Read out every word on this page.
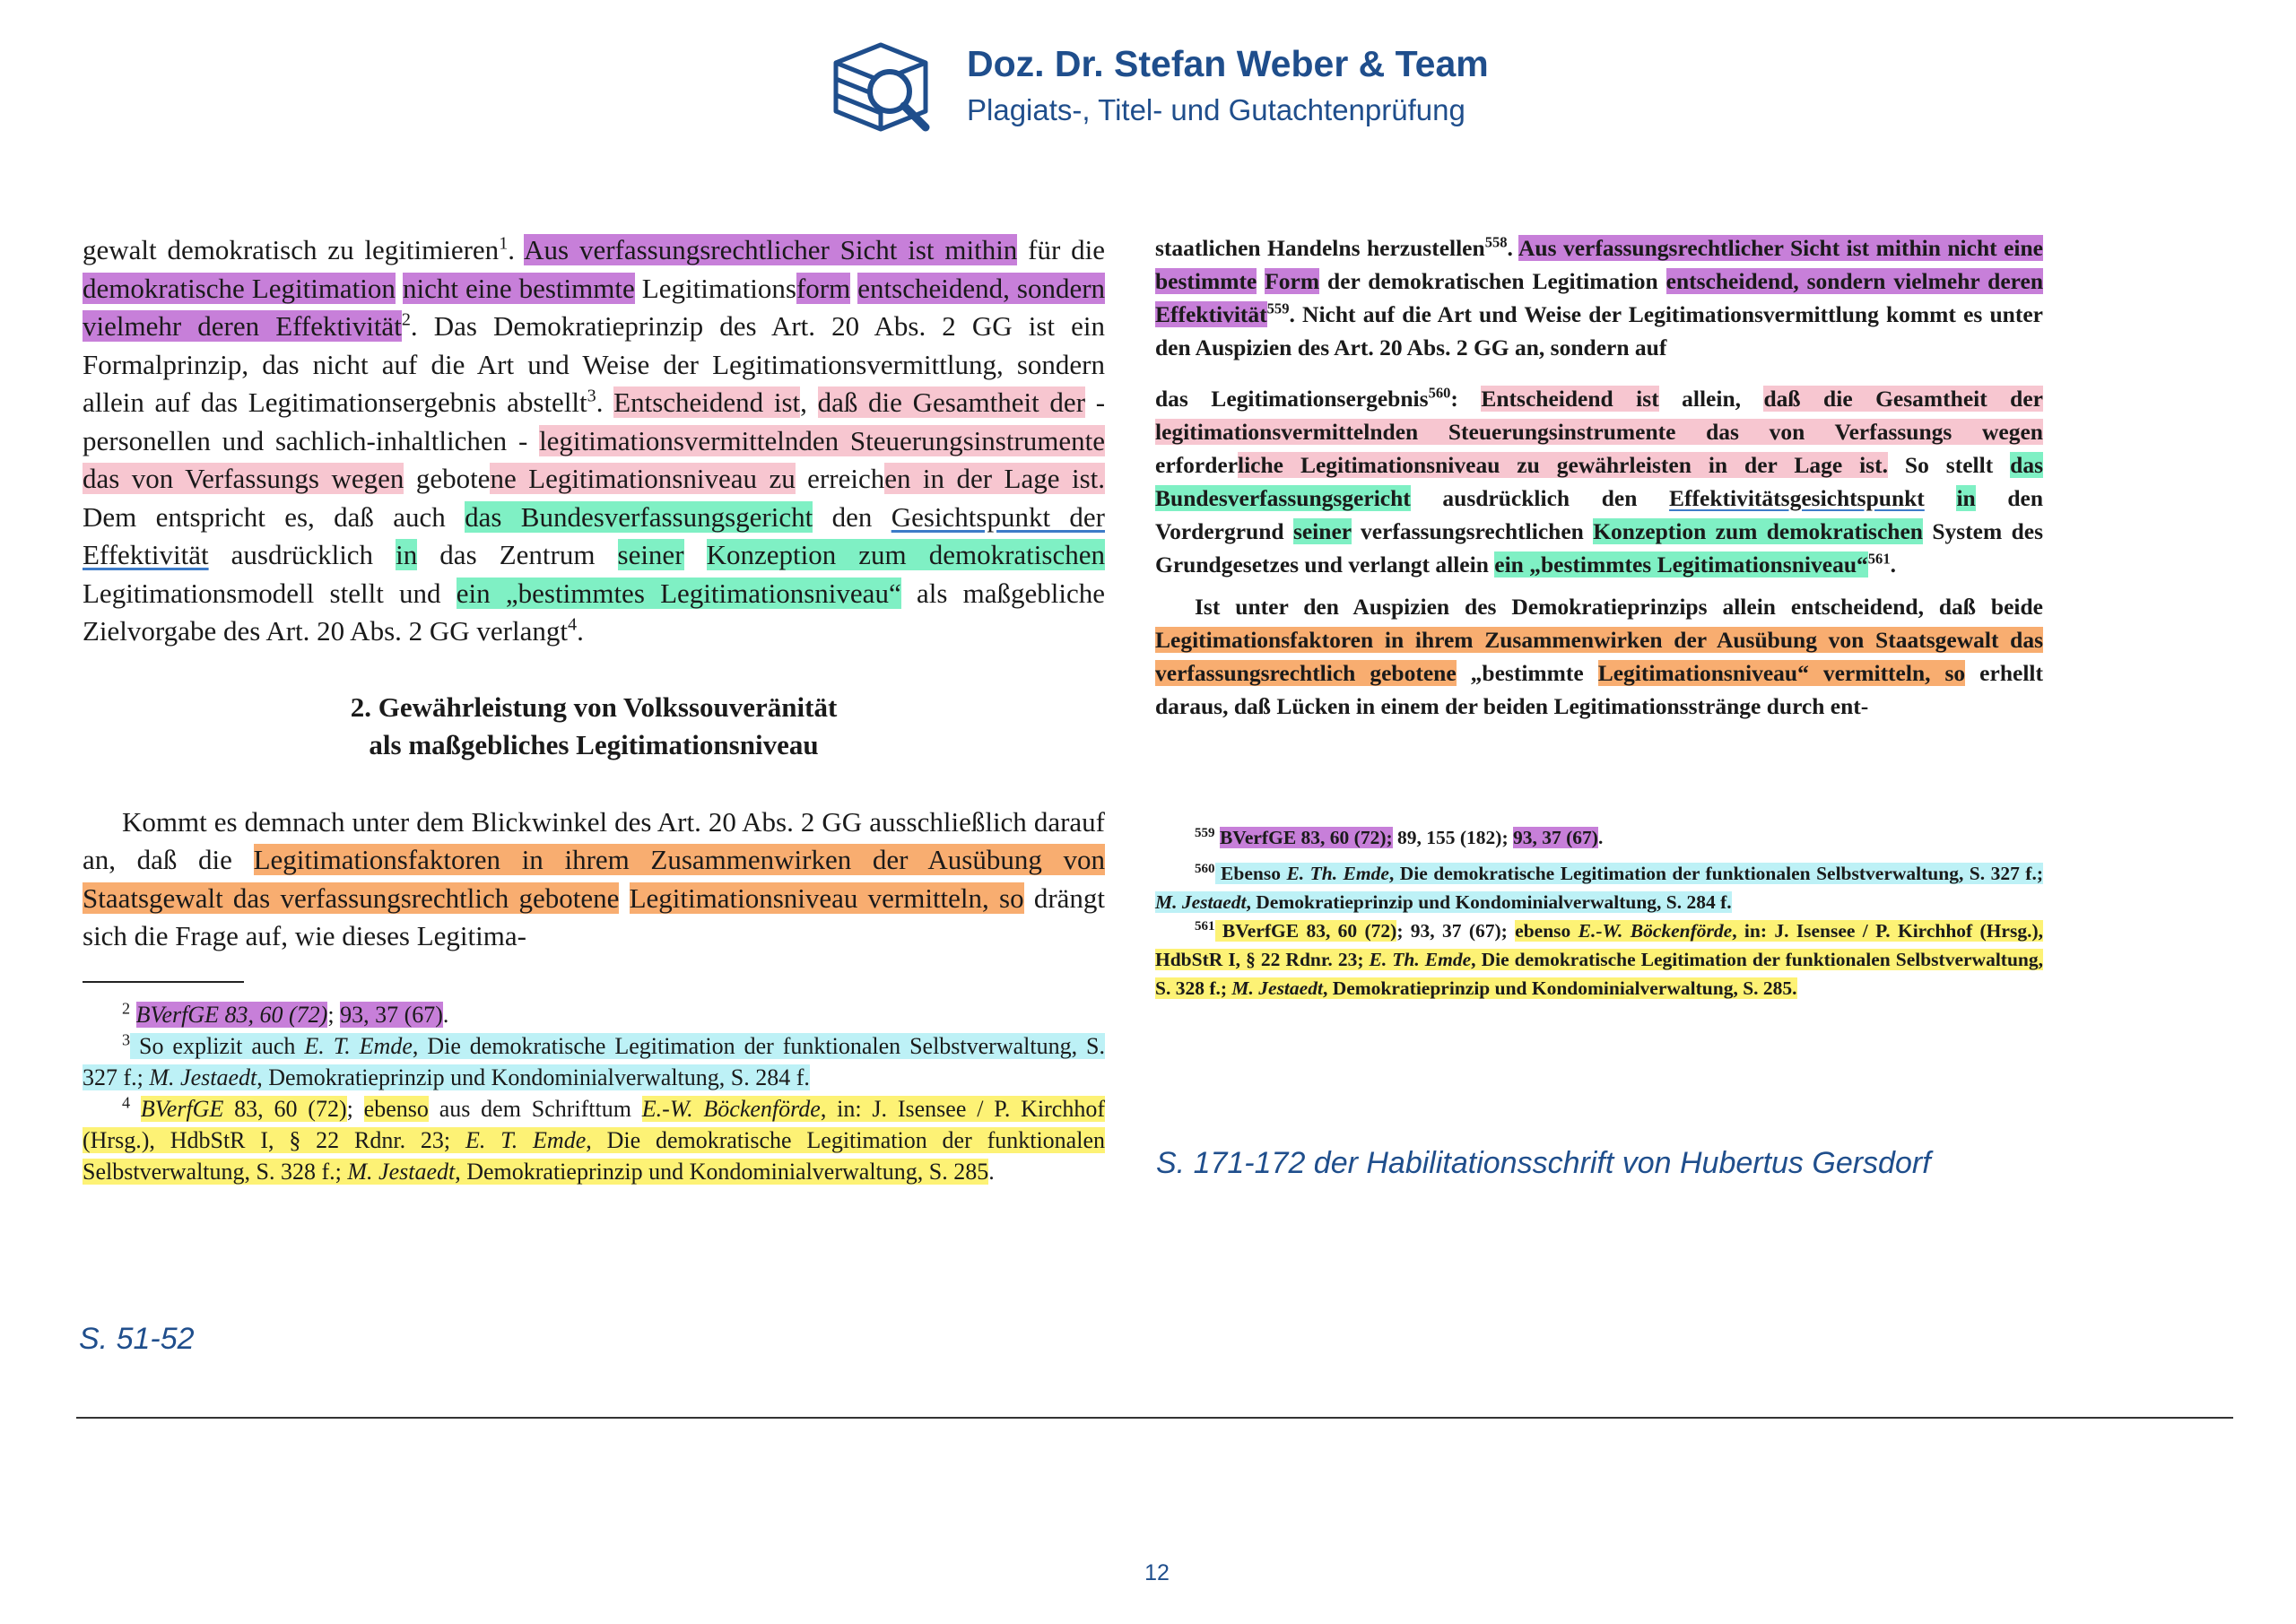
Doz. Dr. Stefan Weber & Team
Plagiats-, Titel- und Gutachtenprüfung

gewalt demokratisch zu legitimieren$^1$. Aus verfassungsrechtlicher Sicht ist mithin für die demokratische Legitimation nicht eine bestimmte Legitimationsform entscheidend, sondern vielmehr deren Effektivität$^2$. Das Demokratieprinzip des Art. 20 Abs. 2 GG ist ein Formalprinzip, das nicht auf die Art und Weise der Legitimationsvermittlung, sondern allein auf das Legitimationsergebnis abstellt$^3$. Entscheidend ist, daß die Gesamtheit der - personellen und sachlich-inhaltlichen - legitimationsvermittelnden Steuerungsinstrumente das von Verfassungs wegen gebotene Legitimationsniveau zu erreichen in der Lage ist. Dem entspricht es, daß auch das Bundesverfassungsgericht den Gesichtspunkt der Effektivität ausdrücklich in das Zentrum seiner Konzeption zum demokratischen Legitimationsmodell stellt und ein „bestimmtes Legitimationsniveau“ als maßgebliche Zielvorgabe des Art. 20 Abs. 2 GG verlangt$^4$.

2. Gewährleistung von Volkssouveränität
als maßgebliches Legitimationsniveau

Kommt es demnach unter dem Blickwinkel des Art. 20 Abs. 2 GG ausschließlich darauf an, daß die Legitimationsfaktoren in ihrem Zusammenwirken der Ausübung von Staatsgewalt das verfassungsrechtlich gebotene Legitimationsniveau vermitteln, so drängt sich die Frage auf, wie dieses Legitima-

$^2$ BVerfGE 83, 60 (72); 93, 37 (67).

$^3$ So explizit auch E. T. Emde, Die demokratische Legitimation der funktionalen Selbstverwaltung, S. 327 f.; M. Jestaedt, Demokratieprinzip und Kondominialverwaltung, S. 284 f.

$^4$ BVerfGE 83, 60 (72); ebenso aus dem Schrifttum E.-W. Böckenförde, in: J. Isensee / P. Kirchhof (Hrsg.), HdbStR I, § 22 Rdnr. 23; E. T. Emde, Die demokratische Legitimation der funktionalen Selbstverwaltung, S. 328 f.; M. Jestaedt, Demokratieprinzip und Kondominialverwaltung, S. 285.

staatlichen Handelns herzustellen$^{558}$. Aus verfassungsrechtlicher Sicht ist mithin nicht eine bestimmte Form der demokratischen Legitimation entscheidend, sondern vielmehr deren Effektivität$^{559}$. Nicht auf die Art und Weise der Legitimationsvermittlung kommt es unter den Auspizien des Art. 20 Abs. 2 GG an, sondern auf

das Legitimationsergebnis$^{560}$: Entscheidend ist allein, daß die Gesamtheit der legitimationsvermittelnden Steuerungsinstrumente das von Verfassungs wegen erforderliche Legitimationsniveau zu gewährleisten in der Lage ist. So stellt das Bundesverfassungsgericht ausdrücklich den Effektivitätsgesichtspunkt in den Vordergrund seiner verfassungsrechtlichen Konzeption zum demokratischen System des Grundgesetzes und verlangt allein ein „bestimmtes Legitimationsniveau“$^{561}$.

Ist unter den Auspizien des Demokratieprinzips allein entscheidend, daß beide Legitimationsfaktoren in ihrem Zusammenwirken der Ausübung von Staatsgewalt das verfassungsrechtlich gebotene „bestimmte Legitimationsniveau“ vermitteln, so erhellt daraus, daß Lücken in einem der beiden Legitimationsstränge durch ent-

$^{559}$ BVerfGE 83, 60 (72); 89, 155 (182); 93, 37 (67).

$^{560}$ Ebenso E. Th. Emde, Die demokratische Legitimation der funktionalen Selbstverwaltung, S. 327 f.; M. Jestaedt, Demokratieprinzip und Kondominialverwaltung, S. 284 f.

$^{561}$ BVerfGE 83, 60 (72); 93, 37 (67); ebenso E.-W. Böckenförde, in: J. Isensee / P. Kirchhof (Hrsg.), HdbStR I, § 22 Rdnr. 23; E. Th. Emde, Die demokratische Legitimation der funktionalen Selbstverwaltung, S. 328 f.; M. Jestaedt, Demokratieprinzip und Kondominialverwaltung, S. 285.

S. 51-52
S. 171-172 der Habilitationsschrift von Hubertus Gersdorf
12
